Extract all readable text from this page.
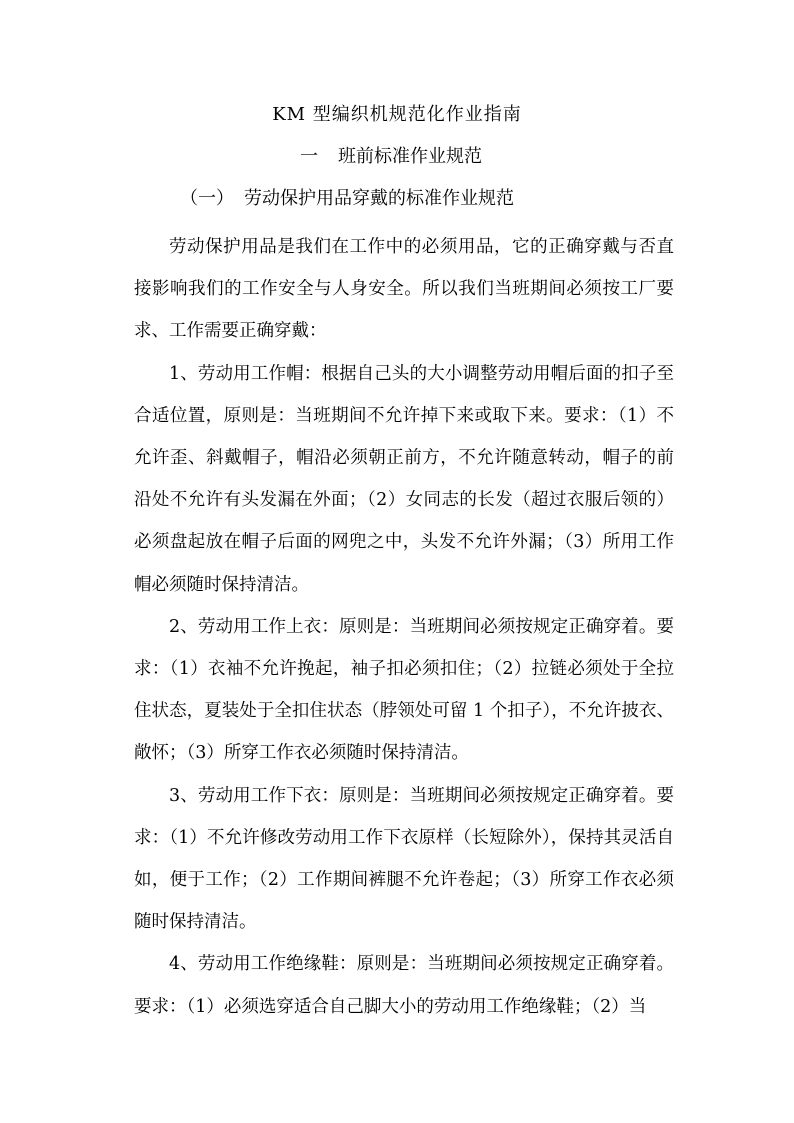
KM 型编织机规范化作业指南
一 班前标准作业规范
（一） 劳动保护用品穿戴的标准作业规范

劳动保护用品是我们在工作中的必须用品，它的正确穿戴与否直接影响我们的工作安全与人身安全。所以我们当班期间必须按工厂要求、工作需要正确穿戴：

1、劳动用工作帽：根据自己头的大小调整劳动用帽后面的扣子至合适位置，原则是：当班期间不允许掉下来或取下来。要求：（1）不允许歪、斜戴帽子，帽沿必须朝正前方，不允许随意转动，帽子的前沿处不允许有头发漏在外面；（2）女同志的长发（超过衣服后领的）必须盘起放在帽子后面的网兜之中，头发不允许外漏；（3）所用工作帽必须随时保持清洁。

2、劳动用工作上衣：原则是：当班期间必须按规定正确穿着。要求：（1）衣袖不允许挽起，袖子扣必须扣住；（2）拉链必须处于全拉住状态，夏装处于全扣住状态（脖领处可留 1 个扣子），不允许披衣、敞怀；（3）所穿工作衣必须随时保持清洁。

3、劳动用工作下衣：原则是：当班期间必须按规定正确穿着。要求：（1）不允许修改劳动用工作下衣原样（长短除外），保持其灵活自如，便于工作；（2）工作期间裤腿不允许卷起；（3）所穿工作衣必须随时保持清洁。

4、劳动用工作绝缘鞋：原则是：当班期间必须按规定正确穿着。要求：（1）必须选穿适合自己脚大小的劳动用工作绝缘鞋；（2）当
